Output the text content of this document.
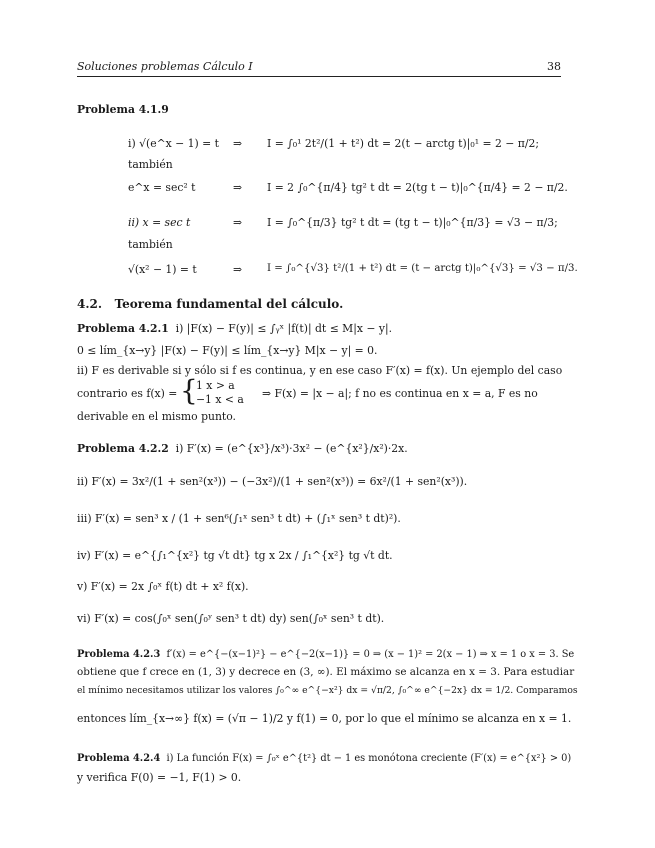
Soluciones problemas Cálculo I	38
Problema 4.1.9
i) √(e^x − 1) = t ⇒ I = ∫₀¹ 2t²/(1 + t²) dt = 2(t − arctg t)|₀¹ = 2 − π/2;
también
e^x = sec² t	⇒ I = 2 ∫₀^{π/4} tg² t dt = 2(tg t − t)|₀^{π/4} = 2 − π/2.
ii) x = sec t	⇒ I = ∫₀^{π/3} tg² t dt = (tg t − t)|₀^{π/3} = √3 − π/3;
también
√(x² − 1) = t	⇒ I = ∫₀^{√3} t²/(1 + t²) dt = (t − arctg t)|₀^{√3} = √3 − π/3.
4.2. Teorema fundamental del cálculo.
Problema 4.2.1 i) |F(x) − F(y)| ≤ ∫ᵧˣ |f(t)| dt ≤ M|x − y|.
0 ≤ lím_{x→y} |F(x) − F(y)| ≤ lím_{x→y} M|x − y| = 0.
ii) F es derivable si y sólo si f es continua, y en ese caso F′(x) = f(x). Un ejemplo del caso
contrario es f(x) = {
1 x > a
−1 x < a ⇒ F(x) = |x − a|; f no es continua en x = a, F es no
derivable en el mismo punto.
Problema 4.2.2 i) F′(x) = (e^{x³}/x³)·3x² − (e^{x²}/x²)·2x.
ii) F′(x) = 3x²/(1 + sen²(x³)) − (−3x²)/(1 + sen²(x³)) = 6x²/(1 + sen²(x³)).
iii) F′(x) = sen³ x / (1 + sen⁶(∫₁ˣ sen³ t dt) + (∫₁ˣ sen³ t dt)²).
iv) F′(x) = e^{∫₁^{x²} tg √t dt} tg x 2x / ∫₁^{x²} tg √t dt.
v) F′(x) = 2x ∫₀ˣ f(t) dt + x² f(x).
vi) F′(x) = cos(∫₀ˣ sen(∫₀ʸ sen³ t dt) dy) sen(∫₀ˣ sen³ t dt).
Problema 4.2.3 f′(x) = e^{−(x−1)²} − e^{−2(x−1)} = 0 ⇒ (x − 1)² = 2(x − 1) ⇒ x = 1 o x = 3. Se
obtiene que f crece en (1, 3) y decrece en (3, ∞). El máximo se alcanza en x = 3. Para estudiar
el mínimo necesitamos utilizar los valores ∫₀^∞ e^{−x²} dx = √π/2, ∫₀^∞ e^{−2x} dx = 1/2. Comparamos
entonces lím_{x→∞} f(x) = (√π − 1)/2 y f(1) = 0, por lo que el mínimo se alcanza en x = 1.
Problema 4.2.4 i) La función F(x) = ∫₀ˣ e^{t²} dt − 1 es monótona creciente (F′(x) = e^{x²} > 0)
y verifica F(0) = −1, F(1) > 0.
